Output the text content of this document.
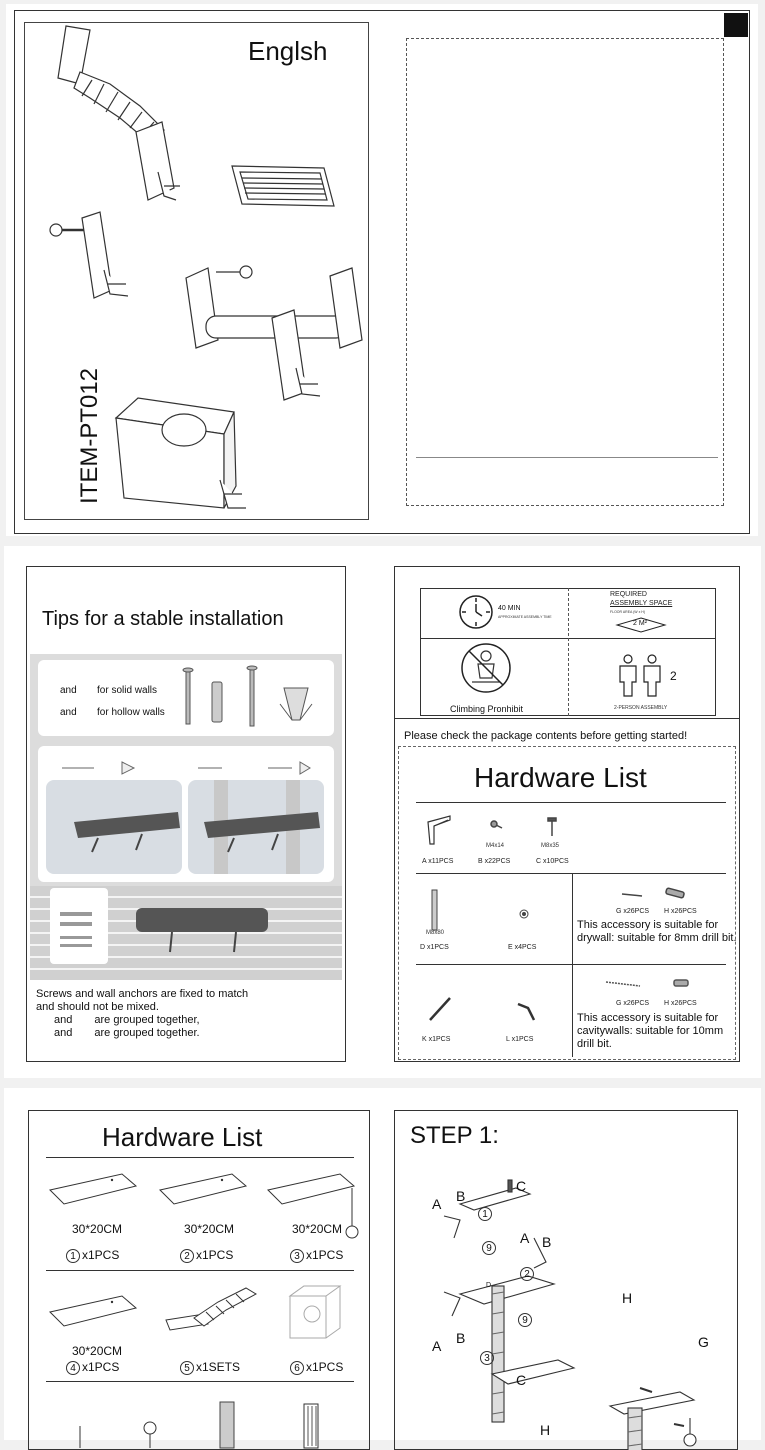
Englsh
ITEM-PT012
Tips for a stable installation
and for solid walls
and for hollow walls
Screws and wall anchors are fixed to match
and should not be mixed.
and are grouped together,
and are grouped together.
40 MIN
APPROXIMATE ASSEMBLY TIME
REQUIRED
ASSEMBLY SPACE
FLOOR AREA (W x H)
2 M²
Climbing Pronhibit
2
2-PERSON ASSEMBLY
Please check the package contents before getting started!
Hardware List
M4x14	M8x35
A x11PCS	B x22PCS	C x10PCS
M8x80
D x1PCS	E x4PCS
G x26PCS H x26PCS
This accessory is suitable for drywall: suitable for 8mm drill bit.
K x1PCS	L x1PCS
G x26PCS H x26PCS
This accessory is suitable for cavitywalls: suitable for 10mm drill bit.
Hardware List
30*20CM	30*20CM	30*20CM
1 x1PCS	2 x1PCS	3 x1PCS
30*20CM
4 x1PCS	5 x1SETS	6 x1PCS
STEP 1:
A B
C
1
9
A B
2
D
9
A B
3
C
H
G
H
